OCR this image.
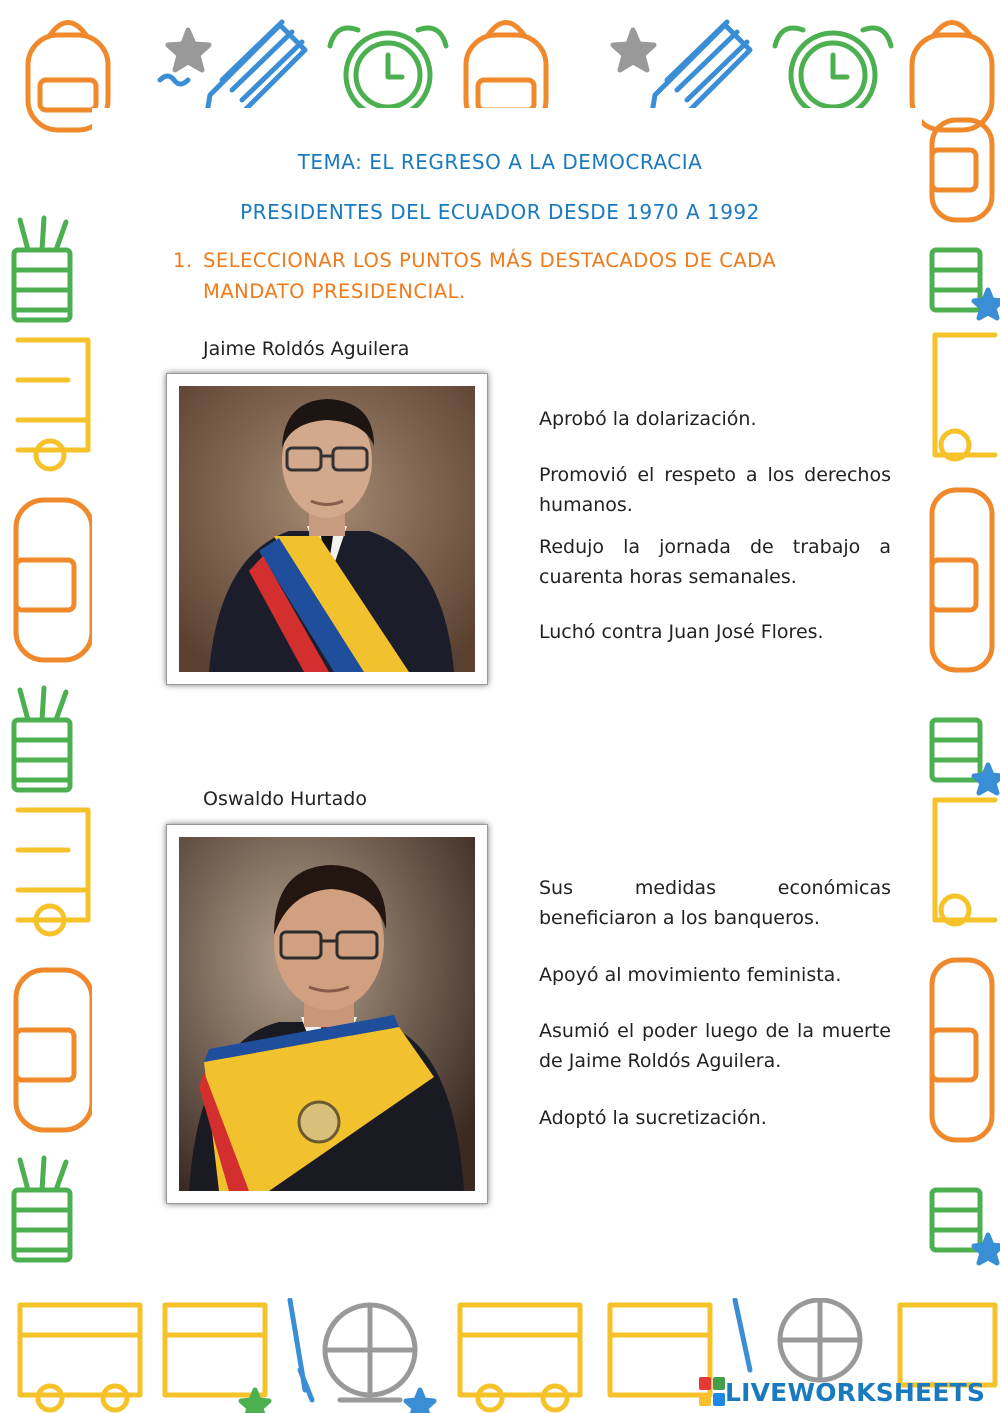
TEMA: EL REGRESO A LA DEMOCRACIA
PRESIDENTES DEL ECUADOR DESDE 1970 A 1992
1. SELECCIONAR LOS PUNTOS MÁS DESTACADOS DE CADA MANDATO PRESIDENCIAL.
Jaime Roldós Aguilera
Aprobó la dolarización.
Promovió el respeto a los derechos humanos.
Redujo la jornada de trabajo a cuarenta horas semanales.
Luchó contra Juan José Flores.
Oswaldo Hurtado
Sus medidas económicas beneficiaron a los banqueros.
Apoyó al movimiento feminista.
Asumió el poder luego de la muerte de Jaime Roldós Aguilera.
Adoptó la sucretización.
LIVEWORKSHEETS
